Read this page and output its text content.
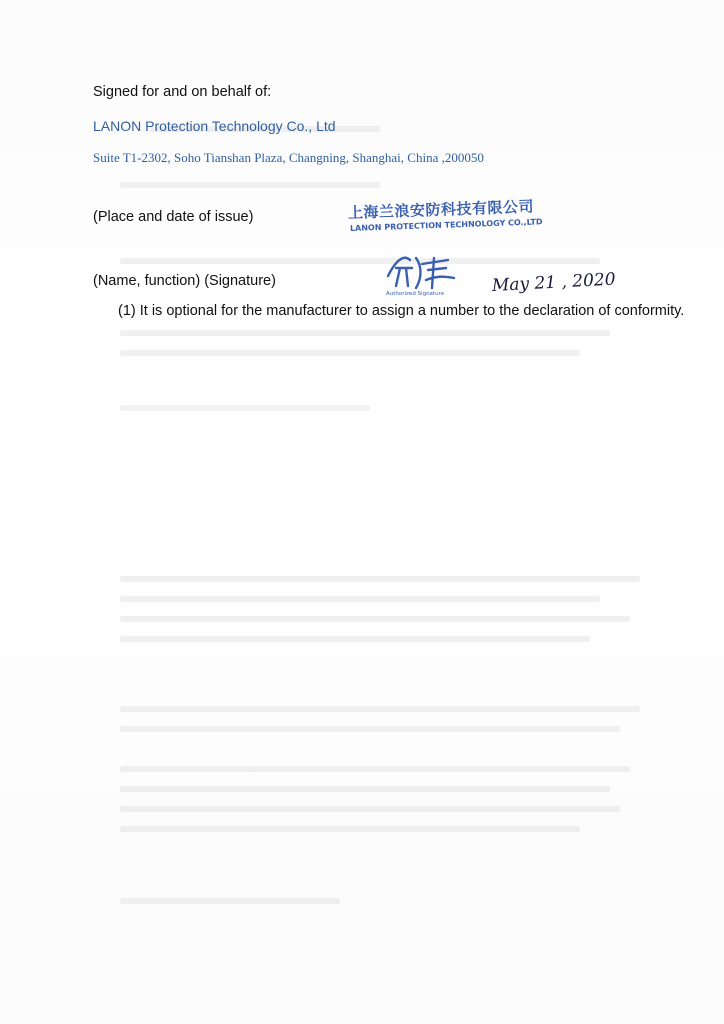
Signed for and on behalf of:
LANON Protection Technology Co., Ltd
Suite T1-2302, Soho Tianshan Plaza, Changning, Shanghai, China ,200050
(Place and date of issue)
(Name, function) (Signature)
上海兰浪安防科技有限公司
LANON PROTECTION TECHNOLOGY CO.,LTD
Authorized Signature	May 21 , 2020
(1) It is optional for the manufacturer to assign a number to the declaration of conformity.
